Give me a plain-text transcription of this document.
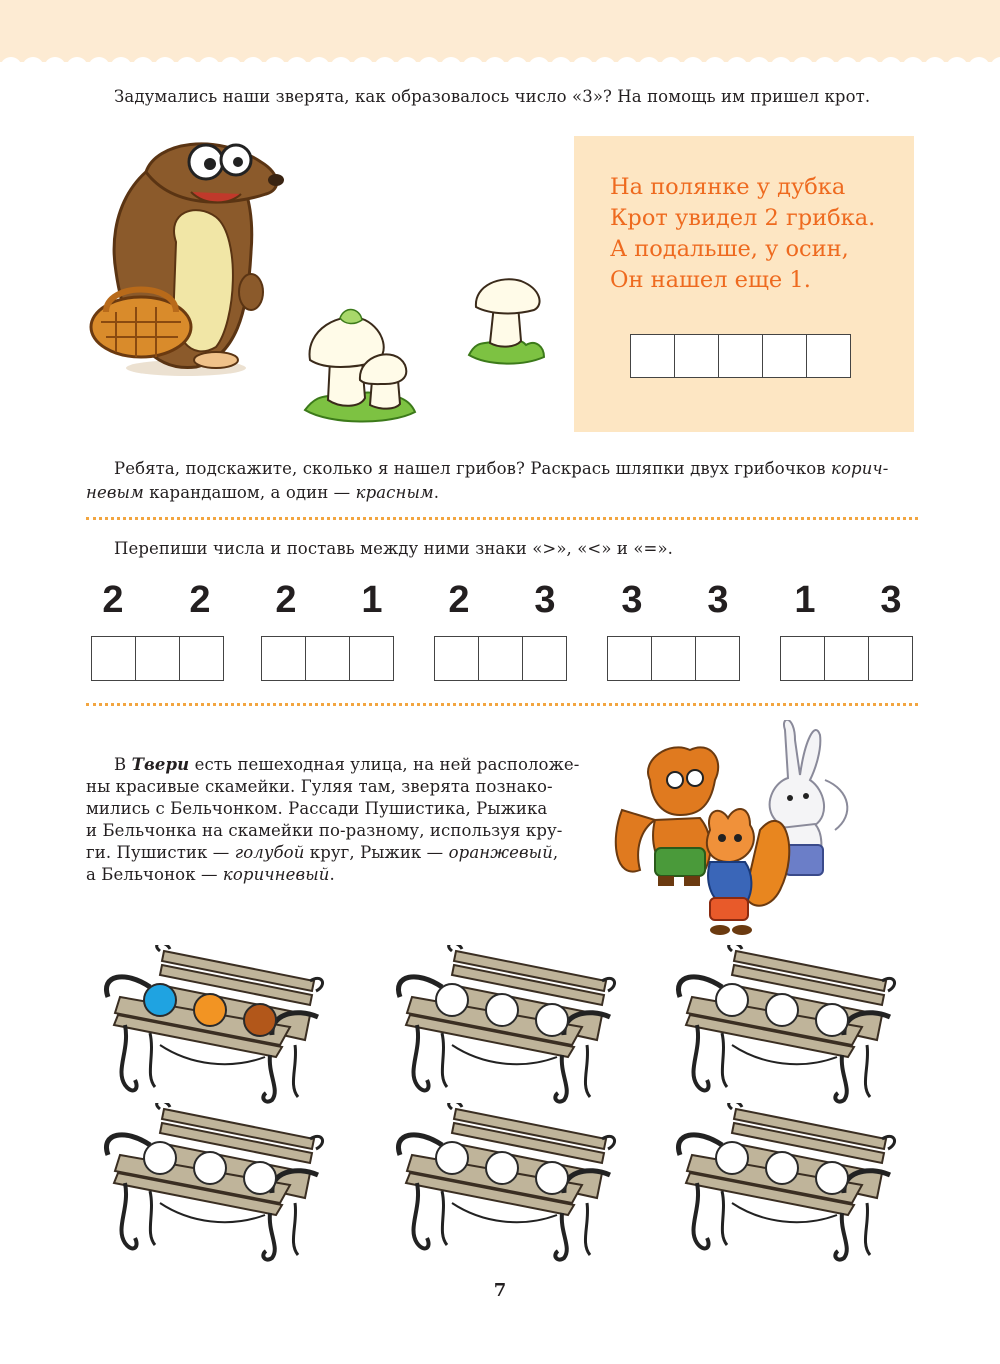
Задумались наши зверята, как образовалось число «3»? На помощь им пришел крот.
На полянке у дубка
Крот увидел 2 грибка.
А подальше, у осин,
Он нашел еще 1.
Ребята, подскажите, сколько я нашел грибов? Раскрась шляпки двух грибочков корич-
невым карандашом, а один — красным.
Перепиши числа и поставь между ними знаки «>», «<» и «=».
2 2 2 1 2 3 3 3 1 3
В Твери есть пешеходная улица, на ней расположе-
ны красивые скамейки. Гуляя там, зверята познако-
мились с Бельчонком. Рассади Пушистика, Рыжика
и Бельчонка на скамейки по-разному, используя кру-
ги. Пушистик — голубой круг, Рыжик — оранжевый,
а Бельчонок — коричневый.
7
